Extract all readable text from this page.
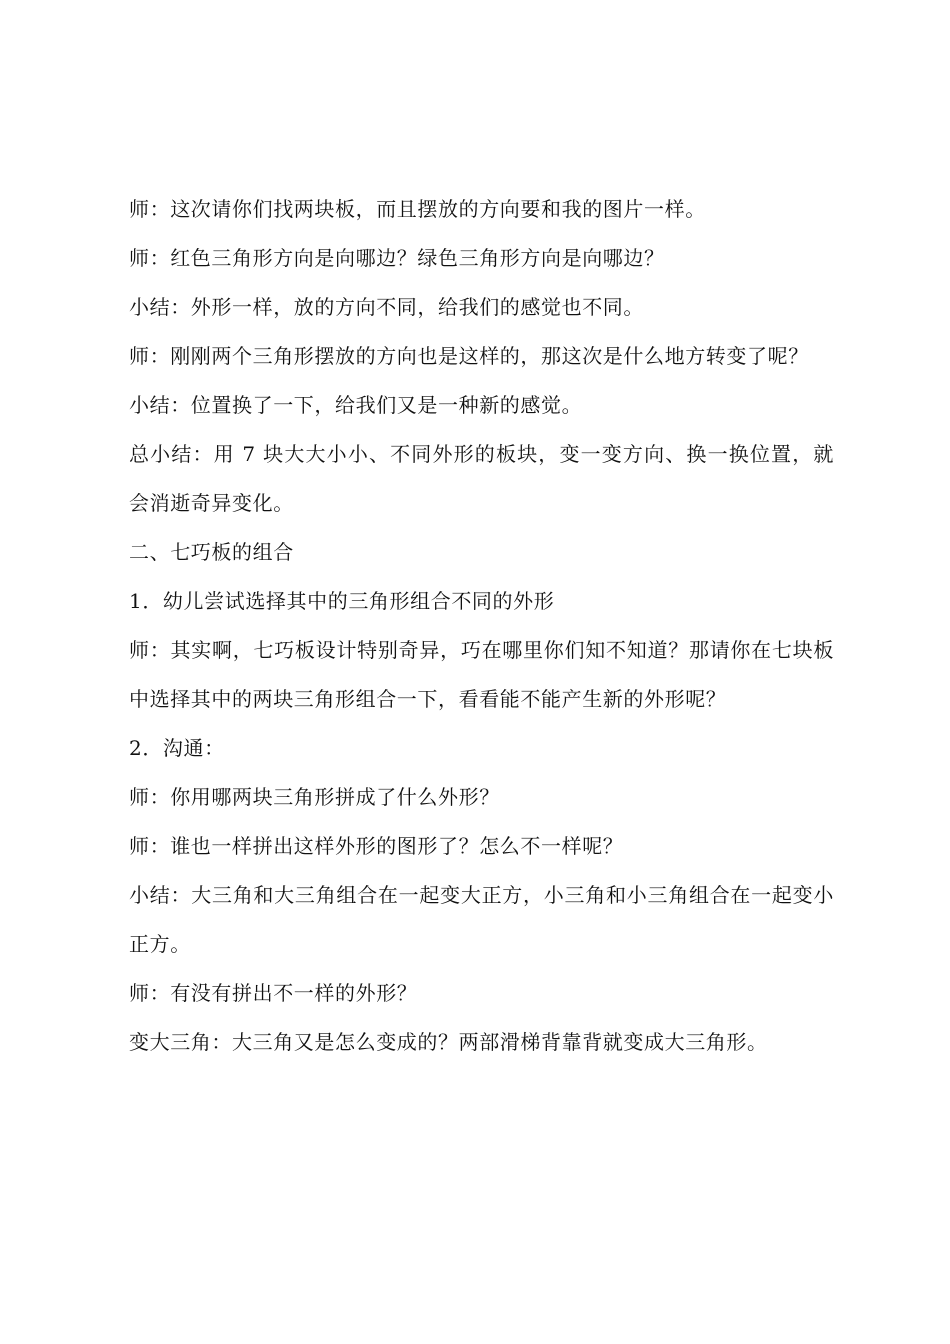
师：这次请你们找两块板，而且摆放的方向要和我的图片一样。

师：红色三角形方向是向哪边？绿色三角形方向是向哪边？

小结：外形一样，放的方向不同，给我们的感觉也不同。

师：刚刚两个三角形摆放的方向也是这样的，那这次是什么地方转变了呢？

小结：位置换了一下，给我们又是一种新的感觉。

总小结：用 7 块大大小小、不同外形的板块，变一变方向、换一换位置，就会消逝奇异变化。

二、七巧板的组合

1．幼儿尝试选择其中的三角形组合不同的外形

师：其实啊，七巧板设计特别奇异，巧在哪里你们知不知道？那请你在七块板中选择其中的两块三角形组合一下，看看能不能产生新的外形呢？

2．沟通：

师：你用哪两块三角形拼成了什么外形？

师：谁也一样拼出这样外形的图形了？怎么不一样呢？

小结：大三角和大三角组合在一起变大正方，小三角和小三角组合在一起变小正方。

师：有没有拼出不一样的外形？

变大三角：大三角又是怎么变成的？两部滑梯背靠背就变成大三角形。
